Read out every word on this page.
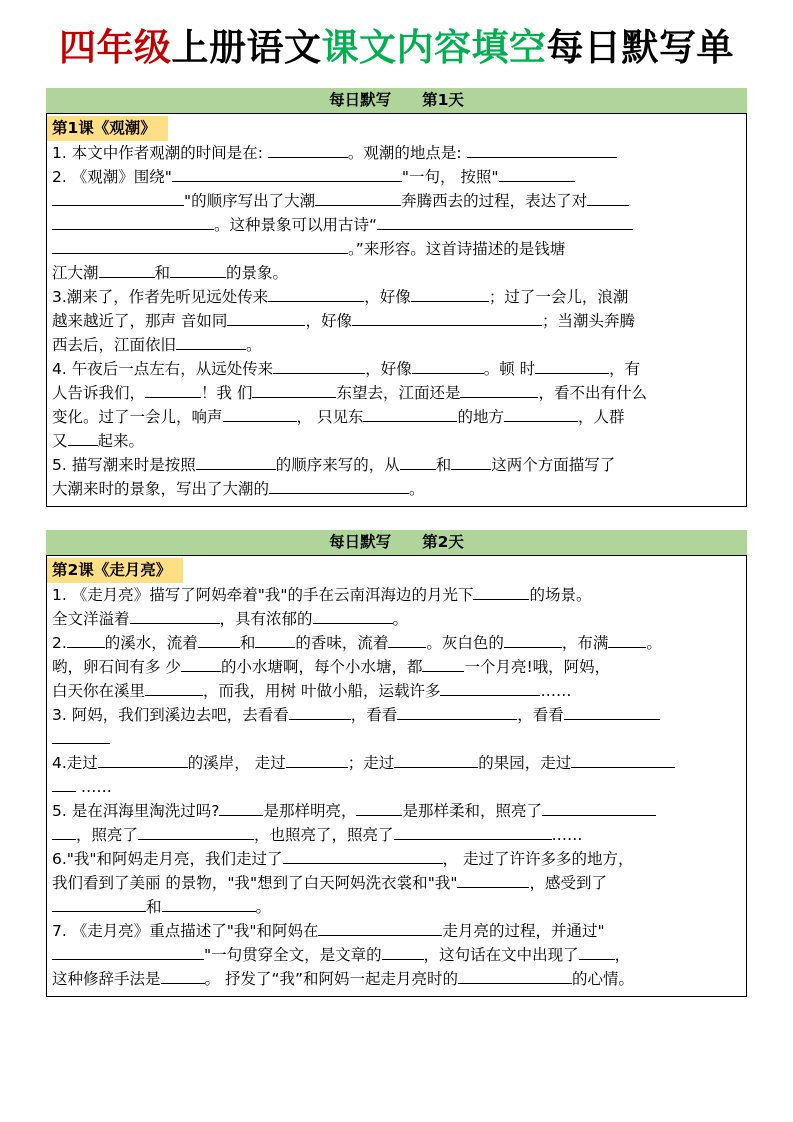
四年级上册语文课文内容填空每日默写单
每日默写　　第1天
第1课《观潮》
1. 本文中作者观潮的时间是在:	。观潮的地点是:
2. 《观潮》围绕"	"一句， 按照"
"的顺序写出了大潮	奔腾西去的过程，表达了对
。这种景象可以用古诗“
。”来形容。这首诗描述的是钱塘
江大潮	和	的景象。
3.潮来了，作者先听见远处传来	，好像	；过了一会儿，浪潮
越来越近了，那声 音如同	，好像	；当潮头奔腾
西去后，江面依旧	。
4. 午夜后一点左右，从远处传来	，好像	。顿 时	，有
人告诉我们，	！我 们	东望去，江面还是	，看不出有什么
变化。过了一会儿，响声	， 只见东	的地方	，人群
又 起来。
5. 描写潮来时是按照	的顺序来写的，从 和	这两个方面描写了
大潮来时的景象，写出了大潮的	。
每日默写　　第2天
第2课《走月亮》
1. 《走月亮》描写了阿妈牵着"我"的手在云南洱海边的月光下	的场景。
全文洋溢着	，具有浓郁的	。
2. 的溪水，流着	和	的香味，流着 。灰白色的	，布满 。
哟，卵石间有多 少	的小水塘啊，每个小水塘，都	一个月亮!哦，阿妈，
白天你在溪里	，而我，用树 叶做小船，运载许多	……
3. 阿妈，我们到溪边去吧，去看看	，看看	，看看
4.走过	的溪岸， 走过	；走过	的果园，走过
……
5. 是在洱海里淘洗过吗?	是那样明亮，	是那样柔和，照亮了
，照亮了	，也照亮了，照亮了	……
6."我"和阿妈走月亮，我们走过了	， 走过了许许多多的地方，
我们看到了美丽 的景物，"我"想到了白天阿妈洗衣裳和"我"	，感受到了
和	。
7. 《走月亮》重点描述了"我"和阿妈在	走月亮的过程，并通过"
"一句贯穿全文，是文章的	，这句话在文中出现了 ，
这种修辞手法是	。 抒发了“我”和阿妈一起走月亮时的	的心情。
